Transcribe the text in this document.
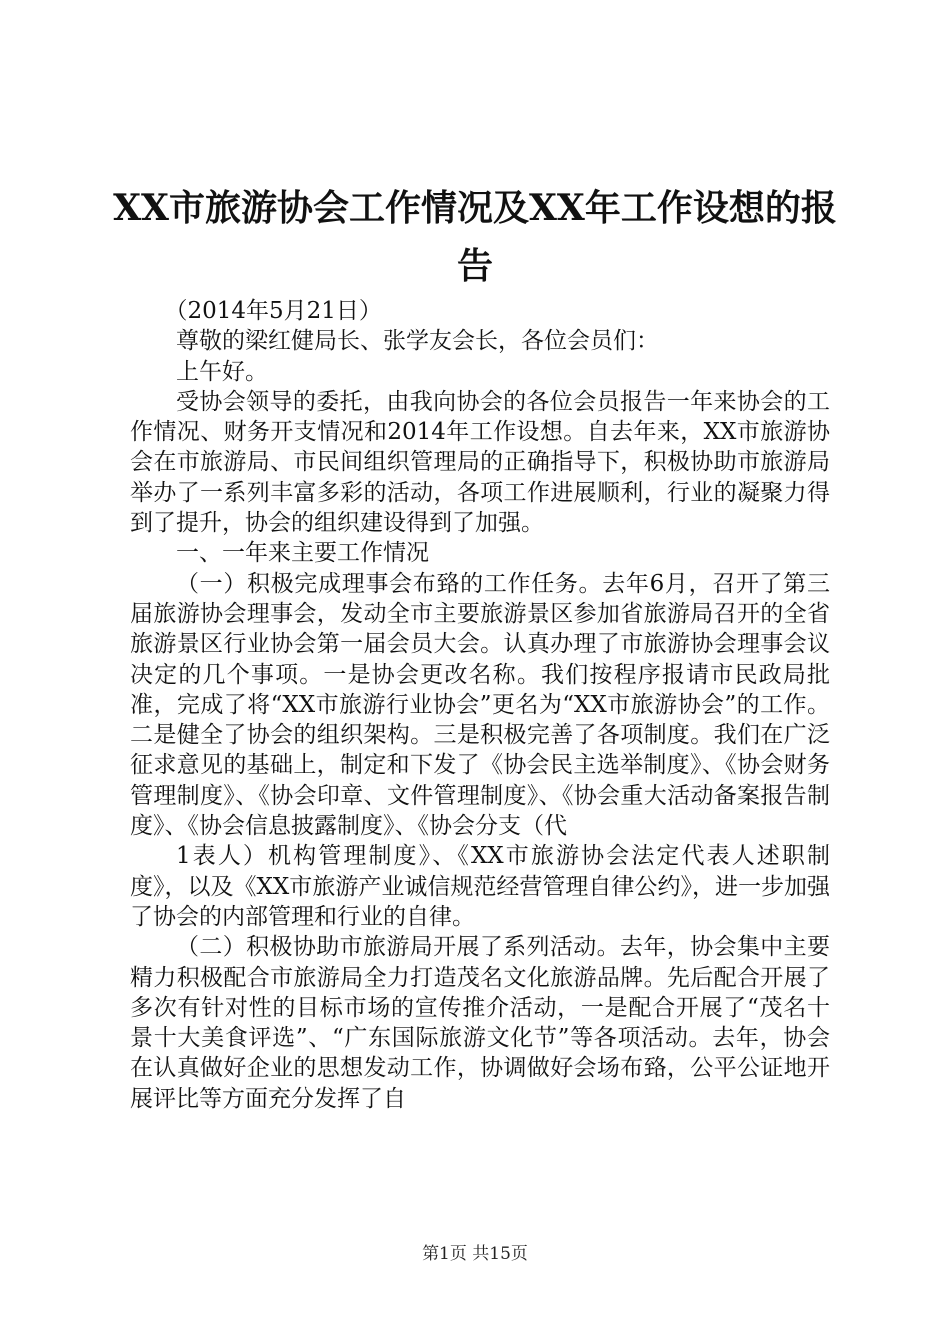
XX市旅游协会工作情况及XX年工作设想的报
告

（2014年5月21日）

尊敬的梁红健局长、张学友会长，各位会员们：

上午好。

受协会领导的委托，由我向协会的各位会员报告一年来协会的工作情况、财务开支情况和2014年工作设想。自去年来，XX市旅游协会在市旅游局、市民间组织管理局的正确指导下，积极协助市旅游局举办了一系列丰富多彩的活动，各项工作进展顺利，行业的凝聚力得到了提升，协会的组织建设得到了加强。

一、一年来主要工作情况

（一）积极完成理事会布臵的工作任务。去年6月，召开了第三届旅游协会理事会，发动全市主要旅游景区参加省旅游局召开的全省旅游景区行业协会第一届会员大会。认真办理了市旅游协会理事会议决定的几个事项。一是协会更改名称。我们按程序报请市民政局批准，完成了将“XX市旅游行业协会”更名为“XX市旅游协会”的工作。二是健全了协会的组织架构。三是积极完善了各项制度。我们在广泛征求意见的基础上，制定和下发了《协会民主选举制度》、《协会财务管理制度》、《协会印章、文件管理制度》、《协会重大活动备案报告制度》、《协会信息披露制度》、《协会分支（代

1表人）机构管理制度》、《XX市旅游协会法定代表人述职制度》，以及《XX市旅游产业诚信规范经营管理自律公约》，进一步加强了协会的内部管理和行业的自律。

（二）积极协助市旅游局开展了系列活动。去年，协会集中主要精力积极配合市旅游局全力打造茂名文化旅游品牌。先后配合开展了多次有针对性的目标市场的宣传推介活动，一是配合开展了“茂名十景十大美食评选”、“广东国际旅游文化节”等各项活动。去年，协会在认真做好企业的思想发动工作，协调做好会场布臵，公平公证地开展评比等方面充分发挥了自

第1页 共15页
